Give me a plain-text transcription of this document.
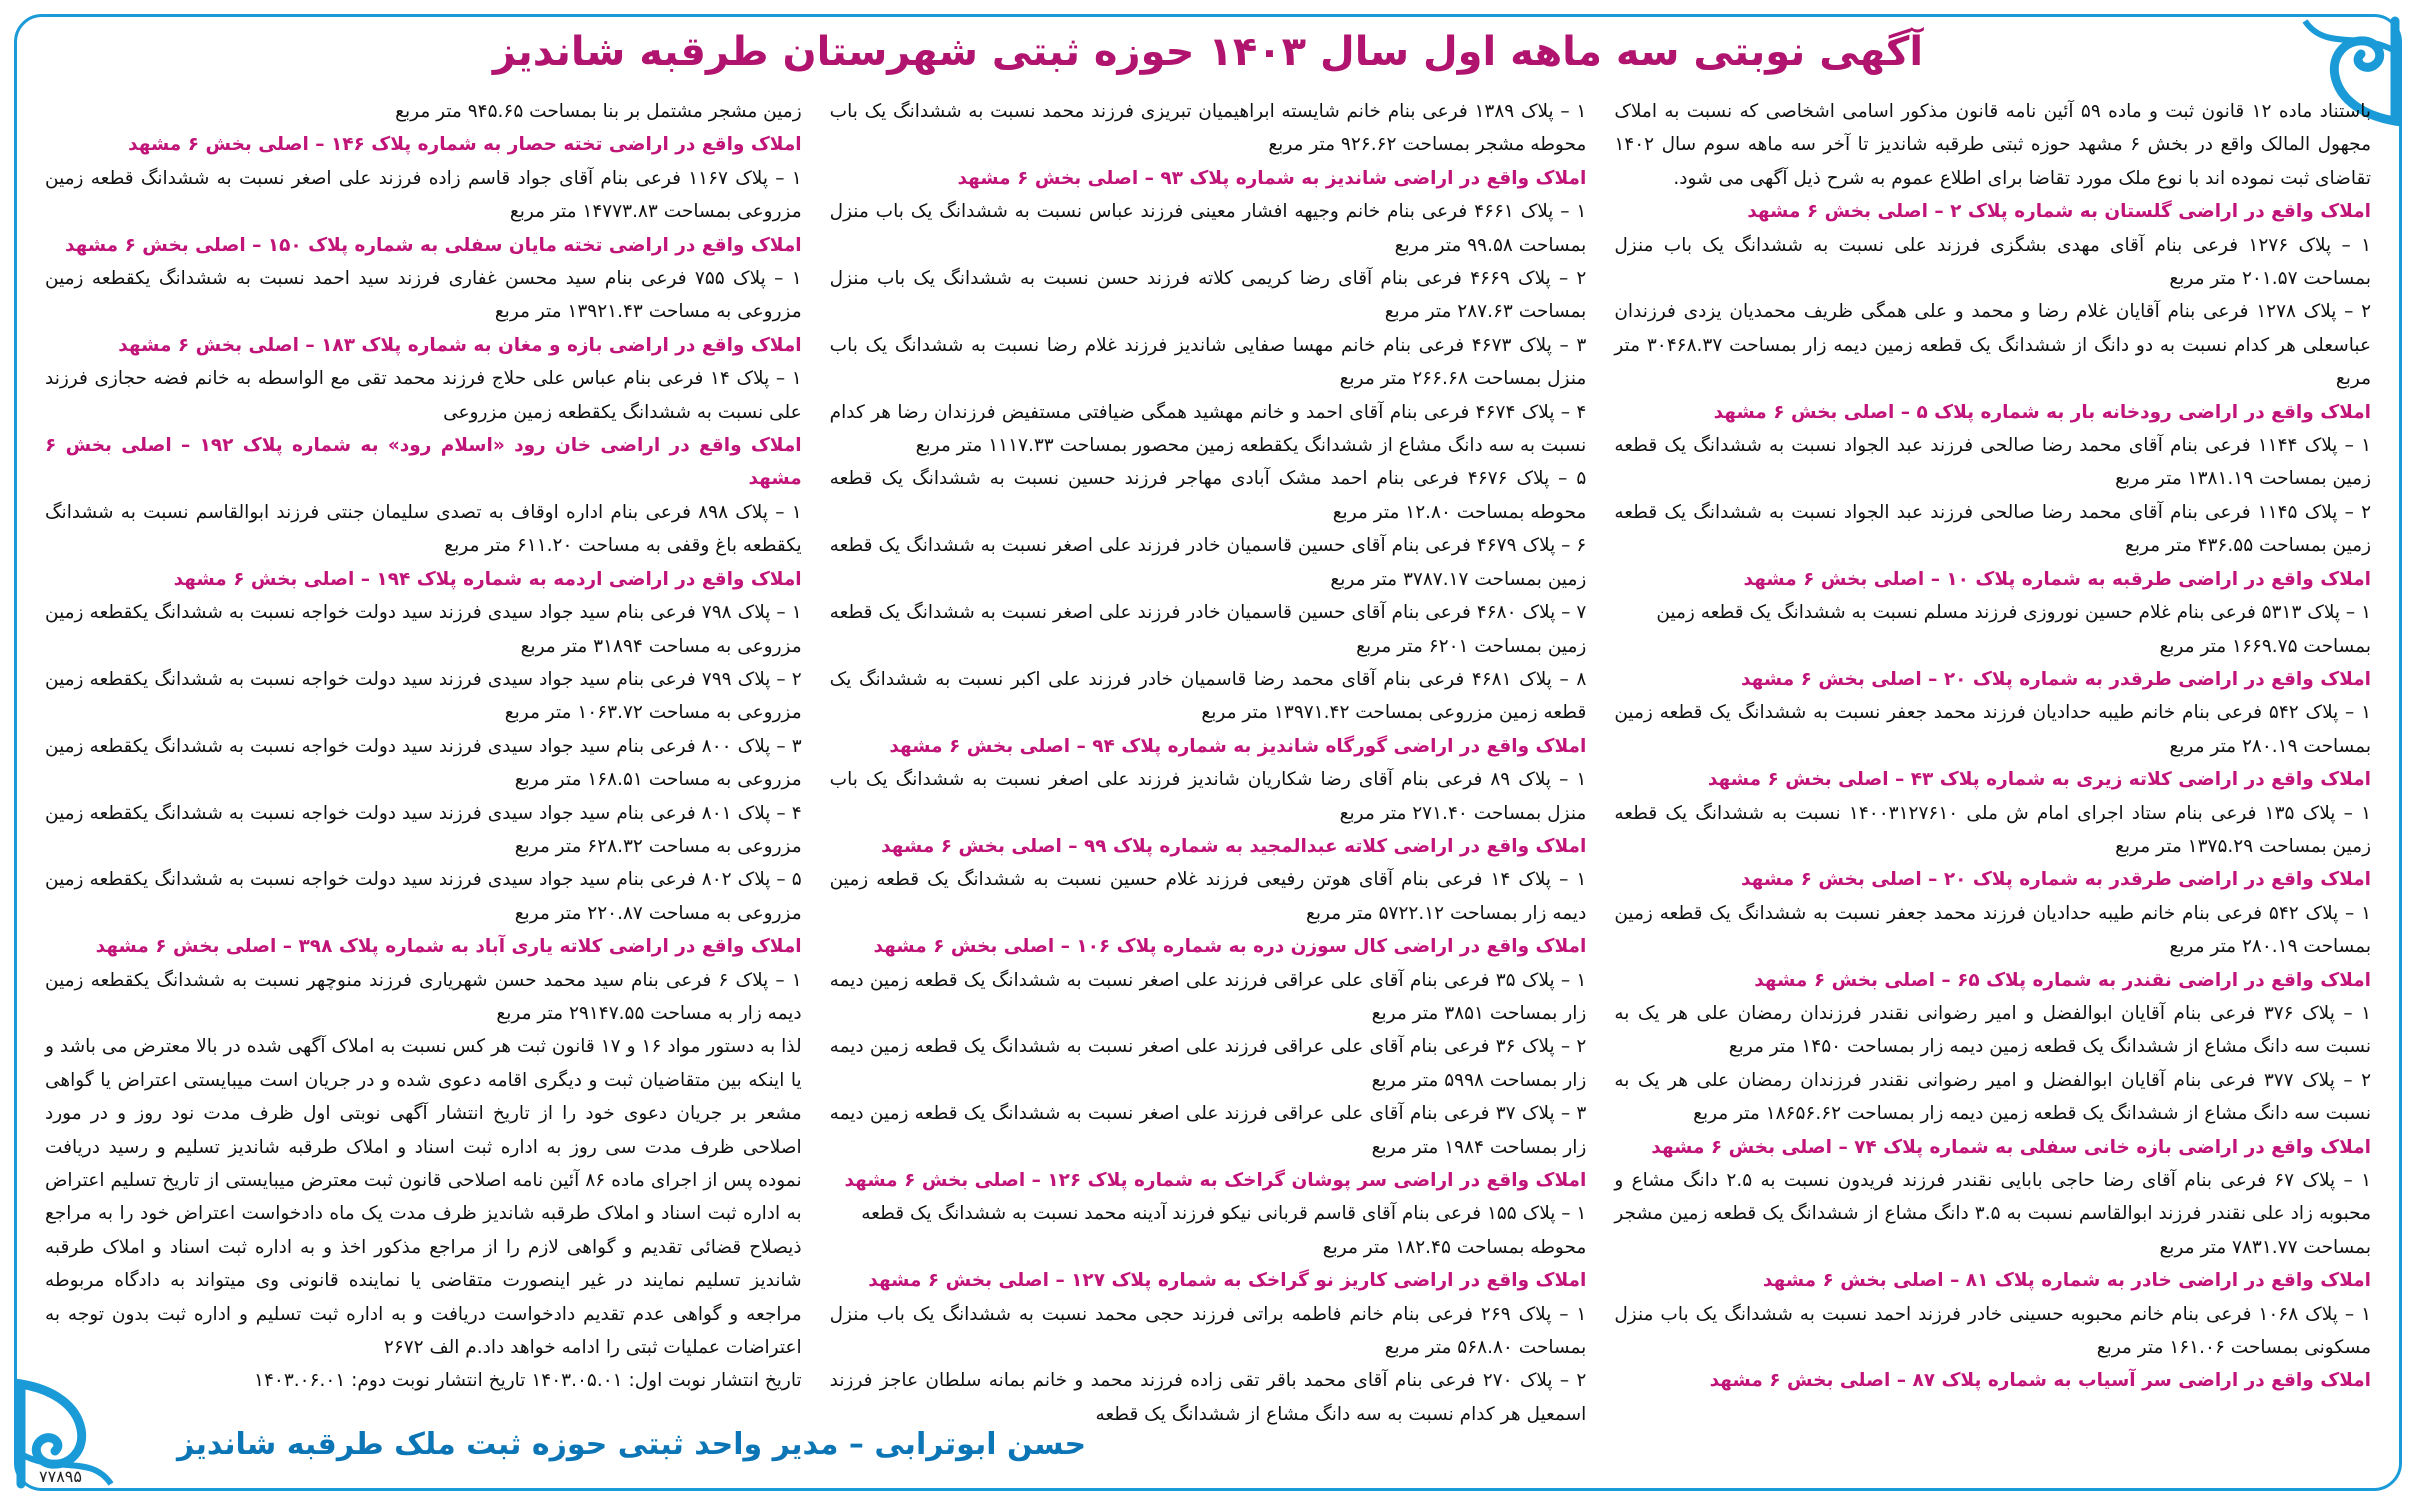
آگهی نوبتی سه ماهه اول سال ۱۴۰۳ حوزه ثبتی شهرستان طرقبه شاندیز

باستناد ماده ۱۲ قانون ثبت و ماده ۵۹ آئین نامه قانون مذکور اسامی اشخاصی که نسبت به املاک مجهول المالک واقع در بخش ۶ مشهد حوزه ثبتی طرقبه شاندیز تا آخر سه ماهه سوم سال ۱۴۰۲ تقاضای ثبت نموده اند با نوع ملک مورد تقاضا برای اطلاع عموم به شرح ذیل آگهی می شود.

املاک واقع در اراضی گلستان به شماره پلاک ۲ – اصلی بخش ۶ مشهد

۱ – پلاک ۱۲۷۶ فرعی بنام آقای مهدی بشگزی فرزند علی نسبت به ششدانگ یک باب منزل بمساحت ۲۰۱.۵۷ متر مربع

۲ – پلاک ۱۲۷۸ فرعی بنام آقایان غلام رضا و محمد و علی همگی ظریف محمدیان یزدی فرزندان عباسعلی هر کدام نسبت به دو دانگ از ششدانگ یک قطعه زمین دیمه زار بمساحت ۳۰۴۶۸.۳۷ متر مربع

املاک واقع در اراضی رودخانه بار به شماره پلاک ۵ – اصلی بخش ۶ مشهد

۱ – پلاک ۱۱۴۴ فرعی بنام آقای محمد رضا صالحی فرزند عبد الجواد نسبت به ششدانگ یک قطعه زمین بمساحت ۱۳۸۱.۱۹ متر مربع

۲ – پلاک ۱۱۴۵ فرعی بنام آقای محمد رضا صالحی فرزند عبد الجواد نسبت به ششدانگ یک قطعه زمین بمساحت ۴۳۶.۵۵ متر مربع

املاک واقع در اراضی طرقبه به شماره پلاک ۱۰ – اصلی بخش ۶ مشهد

۱ – پلاک ۵۳۱۳ فرعی بنام غلام حسین نوروزی فرزند مسلم نسبت به ششدانگ یک قطعه زمین

بمساحت ۱۶۶۹.۷۵ متر مربع

املاک واقع در اراضی طرقدر به شماره پلاک ۲۰ – اصلی بخش ۶ مشهد

۱ – پلاک ۵۴۲ فرعی بنام خانم طیبه حدادیان فرزند محمد جعفر نسبت به ششدانگ یک قطعه زمین بمساحت ۲۸۰.۱۹ متر مربع

املاک واقع در اراضی کلاته زیری به شماره پلاک ۴۳ – اصلی بخش ۶ مشهد

۱ – پلاک ۱۳۵ فرعی بنام ستاد اجرای امام ش ملی ۱۴۰۰۳۱۲۷۶۱۰ نسبت به ششدانگ یک قطعه زمین بمساحت ۱۳۷۵.۲۹ متر مربع

املاک واقع در اراضی طرقدر به شماره پلاک ۲۰ – اصلی بخش ۶ مشهد

۱ – پلاک ۵۴۲ فرعی بنام خانم طیبه حدادیان فرزند محمد جعفر نسبت به ششدانگ یک قطعه زمین بمساحت ۲۸۰.۱۹ متر مربع

املاک واقع در اراضی نقندر به شماره پلاک ۶۵ – اصلی بخش ۶ مشهد

۱ – پلاک ۳۷۶ فرعی بنام آقایان ابوالفضل و امیر رضوانی نقندر فرزندان رمضان علی هر یک به نسبت سه دانگ مشاع از ششدانگ یک قطعه زمین دیمه زار بمساحت ۱۴۵۰ متر مربع

۲ – پلاک ۳۷۷ فرعی بنام آقایان ابوالفضل و امیر رضوانی نقندر فرزندان رمضان علی هر یک به نسبت سه دانگ مشاع از ششدانگ یک قطعه زمین دیمه زار بمساحت ۱۸۶۵۶.۶۲ متر مربع

املاک واقع در اراضی بازه خانی سفلی به شماره پلاک ۷۴ – اصلی بخش ۶ مشهد

۱ – پلاک ۶۷ فرعی بنام آقای رضا حاجی بابایی نقندر فرزند فریدون نسبت به ۲.۵ دانگ مشاع و محبوبه زاد علی نقندر فرزند ابوالقاسم نسبت به ۳.۵ دانگ مشاع از ششدانگ یک قطعه زمین مشجر بمساحت ۷۸۳۱.۷۷ متر مربع

املاک واقع در اراضی خادر به شماره پلاک ۸۱ – اصلی بخش ۶ مشهد

۱ – پلاک ۱۰۶۸ فرعی بنام خانم محبوبه حسینی خادر فرزند احمد نسبت به ششدانگ یک باب منزل مسکونی بمساحت ۱۶۱.۰۶ متر مربع

املاک واقع در اراضی سر آسیاب به شماره پلاک ۸۷ – اصلی بخش ۶ مشهد

۱ – پلاک ۱۳۸۹ فرعی بنام خانم شایسته ابراهیمیان تبریزی فرزند محمد نسبت به ششدانگ یک باب محوطه مشجر بمساحت ۹۲۶.۶۲ متر مربع

املاک واقع در اراضی شاندیز به شماره پلاک ۹۳ – اصلی بخش ۶ مشهد

۱ – پلاک ۴۶۶۱ فرعی بنام خانم وجیهه افشار معینی فرزند عباس نسبت به ششدانگ یک باب منزل بمساحت ۹۹.۵۸ متر مربع

۲ – پلاک ۴۶۶۹ فرعی بنام آقای رضا کریمی کلاته فرزند حسن نسبت به ششدانگ یک باب منزل بمساحت ۲۸۷.۶۳ متر مربع

۳ – پلاک ۴۶۷۳ فرعی بنام خانم مهسا صفایی شاندیز فرزند غلام رضا نسبت به ششدانگ یک باب منزل بمساحت ۲۶۶.۶۸ متر مربع

۴ – پلاک ۴۶۷۴ فرعی بنام آقای احمد و خانم مهشید همگی ضیافتی مستفیض فرزندان رضا هر کدام نسبت به سه دانگ مشاع از ششدانگ یکقطعه زمین محصور بمساحت ۱۱۱۷.۳۳ متر مربع

۵ – پلاک ۴۶۷۶ فرعی بنام احمد مشک آبادی مهاجر فرزند حسین نسبت به ششدانگ یک قطعه محوطه بمساحت ۱۲.۸۰ متر مربع

۶ – پلاک ۴۶۷۹ فرعی بنام آقای حسین قاسمیان خادر فرزند علی اصغر نسبت به ششدانگ یک قطعه زمین بمساحت ۳۷۸۷.۱۷ متر مربع

۷ – پلاک ۴۶۸۰ فرعی بنام آقای حسین قاسمیان خادر فرزند علی اصغر نسبت به ششدانگ یک قطعه زمین بمساحت ۶۲۰۱ متر مربع

۸ – پلاک ۴۶۸۱ فرعی بنام آقای محمد رضا قاسمیان خادر فرزند علی اکبر نسبت به ششدانگ یک قطعه زمین مزروعی بمساحت ۱۳۹۷۱.۴۲ متر مربع

املاک واقع در اراضی گورگاه شاندیز به شماره پلاک ۹۴ – اصلی بخش ۶ مشهد

۱ – پلاک ۸۹ فرعی بنام آقای رضا شکاریان شاندیز فرزند علی اصغر نسبت به ششدانگ یک باب منزل بمساحت ۲۷۱.۴۰ متر مربع

املاک واقع در اراضی کلاته عبدالمجید به شماره پلاک ۹۹ – اصلی بخش ۶ مشهد

۱ – پلاک ۱۴ فرعی بنام آقای هوتن رفیعی فرزند غلام حسین نسبت به ششدانگ یک قطعه زمین دیمه زار بمساحت ۵۷۲۲.۱۲ متر مربع

املاک واقع در اراضی کال سوزن دره به شماره پلاک ۱۰۶ – اصلی بخش ۶ مشهد

۱ – پلاک ۳۵ فرعی بنام آقای علی عراقی فرزند علی اصغر نسبت به ششدانگ یک قطعه زمین دیمه زار بمساحت ۳۸۵۱ متر مربع

۲ – پلاک ۳۶ فرعی بنام آقای علی عراقی فرزند علی اصغر نسبت به ششدانگ یک قطعه زمین دیمه زار بمساحت ۵۹۹۸ متر مربع

۳ – پلاک ۳۷ فرعی بنام آقای علی عراقی فرزند علی اصغر نسبت به ششدانگ یک قطعه زمین دیمه زار بمساحت ۱۹۸۴ متر مربع

املاک واقع در اراضی سر پوشان گراخک به شماره پلاک ۱۲۶ – اصلی بخش ۶ مشهد

۱ – پلاک ۱۵۵ فرعی بنام آقای قاسم قربانی نیکو فرزند آدینه محمد نسبت به ششدانگ یک قطعه

محوطه بمساحت ۱۸۲.۴۵ متر مربع

املاک واقع در اراضی کاریز نو گراخک به شماره پلاک ۱۲۷ – اصلی بخش ۶ مشهد

۱ – پلاک ۲۶۹ فرعی بنام خانم فاطمه براتی فرزند حجی محمد نسبت به ششدانگ یک باب منزل بمساحت ۵۶۸.۸۰ متر مربع

۲ – پلاک ۲۷۰ فرعی بنام آقای محمد باقر تقی زاده فرزند محمد و خانم بمانه سلطان عاجز فرزند اسمعیل هر کدام نسبت به سه دانگ مشاع از ششدانگ یک قطعه

زمین مشجر مشتمل بر بنا بمساحت ۹۴۵.۶۵ متر مربع

املاک واقع در اراضی تخته حصار به شماره پلاک ۱۴۶ – اصلی بخش ۶ مشهد

۱ – پلاک ۱۱۶۷ فرعی بنام آقای جواد قاسم زاده فرزند علی اصغر نسبت به ششدانگ قطعه زمین مزروعی بمساحت ۱۴۷۷۳.۸۳ متر مربع

املاک واقع در اراضی تخته مایان سفلی به شماره پلاک ۱۵۰ – اصلی بخش ۶ مشهد

۱ – پلاک ۷۵۵ فرعی بنام سید محسن غفاری فرزند سید احمد نسبت به ششدانگ یکقطعه زمین مزروعی به مساحت ۱۳۹۲۱.۴۳ متر مربع

املاک واقع در اراضی بازه و مغان به شماره پلاک ۱۸۳ – اصلی بخش ۶ مشهد

۱ – پلاک ۱۴ فرعی بنام عباس علی حلاج فرزند محمد تقی مع الواسطه به خانم فضه حجازی فرزند علی نسبت به ششدانگ یکقطعه زمین مزروعی

املاک واقع در اراضی خان رود «اسلام رود» به شماره پلاک ۱۹۲ – اصلی بخش ۶ مشهد

۱ – پلاک ۸۹۸ فرعی بنام اداره اوقاف به تصدی سلیمان جنتی فرزند ابوالقاسم نسبت به ششدانگ یکقطعه باغ وقفی به مساحت ۶۱۱.۲۰ متر مربع

املاک واقع در اراضی اردمه به شماره پلاک ۱۹۴ – اصلی بخش ۶ مشهد

۱ – پلاک ۷۹۸ فرعی بنام سید جواد سیدی فرزند سید دولت خواجه نسبت به ششدانگ یکقطعه زمین مزروعی به مساحت ۳۱۸۹۴ متر مربع

۲ – پلاک ۷۹۹ فرعی بنام سید جواد سیدی فرزند سید دولت خواجه نسبت به ششدانگ یکقطعه زمین مزروعی به مساحت ۱۰۶۳.۷۲ متر مربع

۳ – پلاک ۸۰۰ فرعی بنام سید جواد سیدی فرزند سید دولت خواجه نسبت به ششدانگ یکقطعه زمین مزروعی به مساحت ۱۶۸.۵۱ متر مربع

۴ – پلاک ۸۰۱ فرعی بنام سید جواد سیدی فرزند سید دولت خواجه نسبت به ششدانگ یکقطعه زمین مزروعی به مساحت ۶۲۸.۳۲ متر مربع

۵ – پلاک ۸۰۲ فرعی بنام سید جواد سیدی فرزند سید دولت خواجه نسبت به ششدانگ یکقطعه زمین مزروعی به مساحت ۲۲۰.۸۷ متر مربع

املاک واقع در اراضی کلاته یاری آباد به شماره پلاک ۳۹۸ – اصلی بخش ۶ مشهد

۱ – پلاک ۶ فرعی بنام سید محمد حسن شهریاری فرزند منوچهر نسبت به ششدانگ یکقطعه زمین دیمه زار به مساحت ۲۹۱۴۷.۵۵ متر مربع

لذا به دستور مواد ۱۶ و ۱۷ قانون ثبت هر کس نسبت به املاک آگهی شده در بالا معترض می باشد و یا اینکه بین متقاضیان ثبت و دیگری اقامه دعوی شده و در جریان است میبایستی اعتراض یا گواهی مشعر بر جریان دعوی خود را از تاریخ انتشار آگهی نوبتی اول ظرف مدت نود روز و در مورد اصلاحی ظرف مدت سی روز به اداره ثبت اسناد و املاک طرقبه شاندیز تسلیم و رسید دریافت نموده پس از اجرای ماده ۸۶ آئین نامه اصلاحی قانون ثبت معترض میبایستی از تاریخ تسلیم اعتراض به اداره ثبت اسناد و املاک طرقبه شاندیز ظرف مدت یک ماه دادخواست اعتراض خود را به مراجع ذیصلاح قضائی تقدیم و گواهی لازم را از مراجع مذکور اخذ و به اداره ثبت اسناد و املاک طرقبه شاندیز تسلیم نمایند در غیر اینصورت متقاضی یا نماینده قانونی وی میتواند به دادگاه مربوطه مراجعه و گواهی عدم تقدیم دادخواست دریافت و به اداره ثبت تسلیم و اداره ثبت بدون توجه به اعتراضات عملیات ثبتی را ادامه خواهد داد.م الف ۲۶۷۲

تاریخ انتشار نوبت اول: ۱۴۰۳.۰۵.۰۱ تاریخ انتشار نوبت دوم: ۱۴۰۳.۰۶.۰۱

حسن ابوترابی – مدیر واحد ثبتی حوزه ثبت ملک طرقبه شاندیز
۷۷۸۹۵
